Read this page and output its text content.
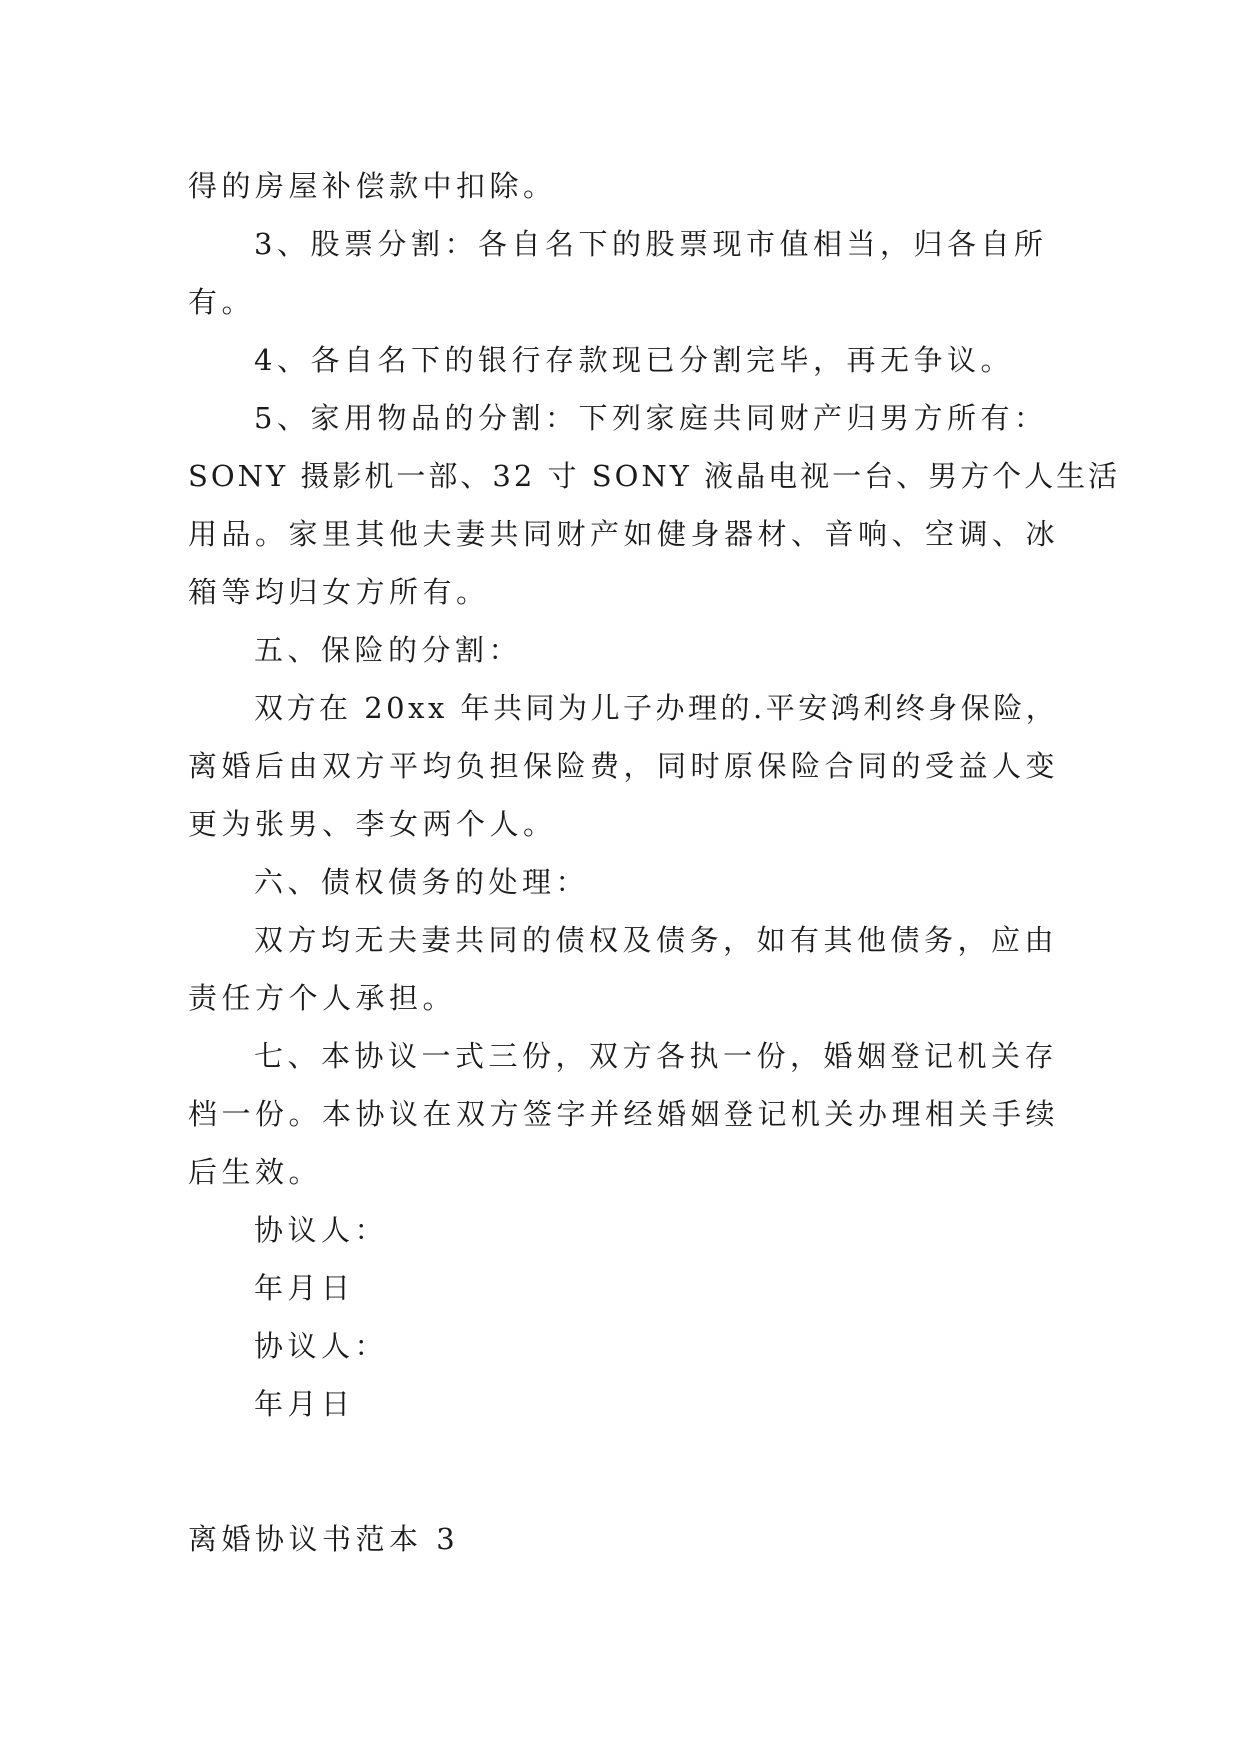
得的房屋补偿款中扣除。
3、股票分割：各自名下的股票现市值相当，归各自所
有。
4、各自名下的银行存款现已分割完毕，再无争议。
5、家用物品的分割：下列家庭共同财产归男方所有：
SONY 摄影机一部、32 寸 SONY 液晶电视一台、男方个人生活
用品。家里其他夫妻共同财产如健身器材、音响、空调、冰
箱等均归女方所有。
五、保险的分割：
双方在 20xx 年共同为儿子办理的.平安鸿利终身保险，
离婚后由双方平均负担保险费，同时原保险合同的受益人变
更为张男、李女两个人。
六、债权债务的处理：
双方均无夫妻共同的债权及债务，如有其他债务，应由
责任方个人承担。
七、本协议一式三份，双方各执一份，婚姻登记机关存
档一份。本协议在双方签字并经婚姻登记机关办理相关手续
后生效。
协议人：
年月日
协议人：
年月日
离婚协议书范本 3
